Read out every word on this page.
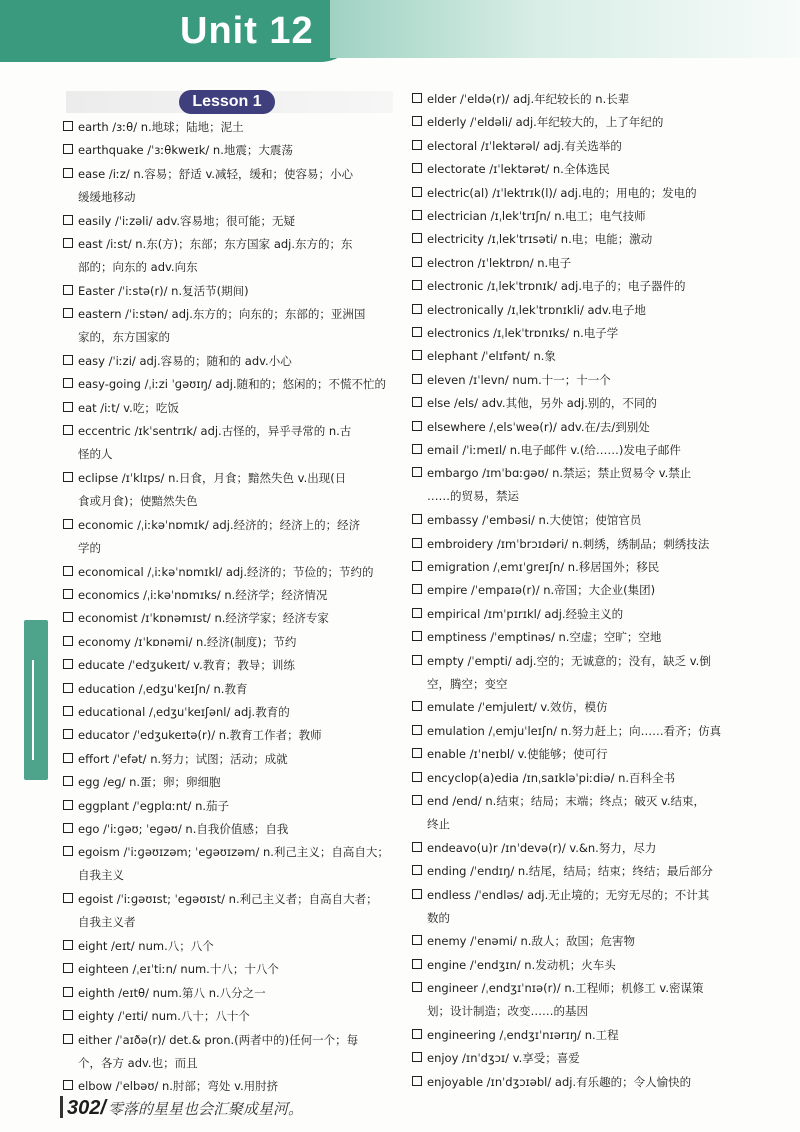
Unit 12
Lesson 1
earth /ɜːθ/ n.地球；陆地；泥土
earthquake /ˈɜːθkweɪk/ n.地震；大震荡
ease /iːz/ n.容易；舒适 v.减轻，缓和；使容易；小心
缓缓地移动
easily /ˈiːzəli/ adv.容易地；很可能；无疑
east /iːst/ n.东(方)；东部；东方国家 adj.东方的；东
部的；向东的 adv.向东
Easter /ˈiːstə(r)/ n.复活节(期间)
eastern /ˈiːstən/ adj.东方的；向东的；东部的；亚洲国
家的，东方国家的
easy /ˈiːzi/ adj.容易的；随和的 adv.小心
easy-going /ˌiːzi ˈɡəʊɪŋ/ adj.随和的；悠闲的；不慌不忙的
eat /iːt/ v.吃；吃饭
eccentric /ɪkˈsentrɪk/ adj.古怪的，异乎寻常的 n.古
怪的人
eclipse /ɪˈklɪps/ n.日食，月食；黯然失色 v.出现(日
食或月食)；使黯然失色
economic /ˌiːkəˈnɒmɪk/ adj.经济的；经济上的；经济
学的
economical /ˌiːkəˈnɒmɪkl/ adj.经济的；节俭的；节约的
economics /ˌiːkəˈnɒmɪks/ n.经济学；经济情况
economist /ɪˈkɒnəmɪst/ n.经济学家；经济专家
economy /ɪˈkɒnəmi/ n.经济(制度)；节约
educate /ˈedʒukeɪt/ v.教育；教导；训练
education /ˌedʒuˈkeɪʃn/ n.教育
educational /ˌedʒuˈkeɪʃənl/ adj.教育的
educator /ˈedʒukeɪtə(r)/ n.教育工作者；教师
effort /ˈefət/ n.努力；试图；活动；成就
egg /eɡ/ n.蛋；卵；卵细胞
eggplant /ˈeɡplɑːnt/ n.茄子
ego /ˈiːɡəʊ; ˈeɡəʊ/ n.自我价值感；自我
egoism /ˈiːɡəʊɪzəm; ˈeɡəʊɪzəm/ n.利己主义；自高自大；
自我主义
egoist /ˈiːɡəʊɪst; ˈeɡəʊɪst/ n.利己主义者；自高自大者；
自我主义者
eight /eɪt/ num.八；八个
eighteen /ˌeɪˈtiːn/ num.十八；十八个
eighth /eɪtθ/ num.第八 n.八分之一
eighty /ˈeɪti/ num.八十；八十个
either /ˈaɪðə(r)/ det.& pron.(两者中的)任何一个；每
个，各方 adv.也；而且
elbow /ˈelbəʊ/ n.肘部；弯处 v.用肘挤
elder /ˈeldə(r)/ adj.年纪较长的 n.长辈
elderly /ˈeldəli/ adj.年纪较大的，上了年纪的
electoral /ɪˈlektərəl/ adj.有关选举的
electorate /ɪˈlektərət/ n.全体选民
electric(al) /ɪˈlektrɪk(l)/ adj.电的；用电的；发电的
electrician /ɪˌlekˈtrɪʃn/ n.电工；电气技师
electricity /ɪˌlekˈtrɪsəti/ n.电；电能；激动
electron /ɪˈlektrɒn/ n.电子
electronic /ɪˌlekˈtrɒnɪk/ adj.电子的；电子器件的
electronically /ɪˌlekˈtrɒnɪkli/ adv.电子地
electronics /ɪˌlekˈtrɒnɪks/ n.电子学
elephant /ˈelɪfənt/ n.象
eleven /ɪˈlevn/ num.十一；十一个
else /els/ adv.其他，另外 adj.别的，不同的
elsewhere /ˌelsˈweə(r)/ adv.在/去/到别处
email /ˈiːmeɪl/ n.电子邮件 v.(给……)发电子邮件
embargo /ɪmˈbɑːɡəʊ/ n.禁运；禁止贸易令 v.禁止
……的贸易，禁运
embassy /ˈembəsi/ n.大使馆；使馆官员
embroidery /ɪmˈbrɔɪdəri/ n.刺绣，绣制品；刺绣技法
emigration /ˌemɪˈɡreɪʃn/ n.移居国外；移民
empire /ˈempaɪə(r)/ n.帝国；大企业(集团)
empirical /ɪmˈpɪrɪkl/ adj.经验主义的
emptiness /ˈemptinəs/ n.空虚；空旷；空地
empty /ˈempti/ adj.空的；无诚意的；没有，缺乏 v.倒
空，腾空；变空
emulate /ˈemjuleɪt/ v.效仿，模仿
emulation /ˌemjuˈleɪʃn/ n.努力赶上；向……看齐；仿真
enable /ɪˈneɪbl/ v.使能够；使可行
encyclop(a)edia /ɪnˌsaɪkləˈpiːdiə/ n.百科全书
end /end/ n.结束；结局；末端；终点；破灭 v.结束，
终止
endeavo(u)r /ɪnˈdevə(r)/ v.&n.努力，尽力
ending /ˈendɪŋ/ n.结尾，结局；结束；终结；最后部分
endless /ˈendləs/ adj.无止境的；无穷无尽的；不计其
数的
enemy /ˈenəmi/ n.敌人；敌国；危害物
engine /ˈendʒɪn/ n.发动机；火车头
engineer /ˌendʒɪˈnɪə(r)/ n.工程师；机修工 v.密谋策
划；设计制造；改变……的基因
engineering /ˌendʒɪˈnɪərɪŋ/ n.工程
enjoy /ɪnˈdʒɔɪ/ v.享受；喜爱
enjoyable /ɪnˈdʒɔɪəbl/ adj.有乐趣的；令人愉快的
302/ 零落的星星也会汇聚成星河。
